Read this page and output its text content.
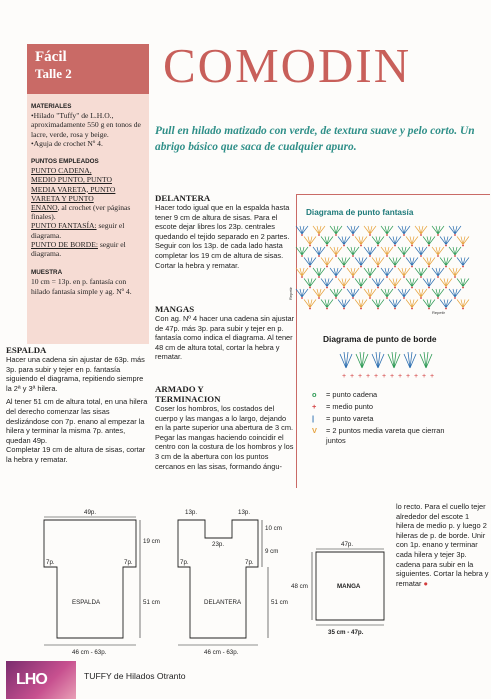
Fácil
Talle 2
MATERIALES

•Hilado "Tuffy" de L.H.O., aproximadamente 550 g en tonos de lacre, verde, rosa y beige.

•Aguja de crochet Nº 4.

PUNTOS EMPLEADOS
PUNTO CADENA,
MEDIO PUNTO, PUNTO
MEDIA VARETA, PUNTO
VARETA Y PUNTO

ENANO, al crochet (ver páginas finales).

PUNTO FANTASÍA: seguir el diagrama.

PUNTO DE BORDE: seguir el diagrama.

MUESTRA

10 cm = 13p. en p. fantasía con hilado fantasía simple y ag. Nº 4.

COMODIN
Pull en hilado matizado con verde, de textura suave y pelo corto. Un abrigo básico que saca de cualquier apuro.
ESPALDA

Hacer una cadena sin ajustar de 63p. más 3p. para subir y tejer en p. fantasía siguiendo el diagrama, repitiendo siempre la 2ª y 3ª hilera.

Al tener 51 cm de altura total, en una hilera del derecho comenzar las sisas deslizándose con 7p. enano al empezar la hilera y terminar la misma 7p. antes, quedan 49p.

Completar 19 cm de altura de sisas, cortar la hebra y rematar.

DELANTERA

Hacer todo igual que en la espalda hasta tener 9 cm de altura de sisas. Para el escote dejar libres los 23p. centrales quedando el tejido separado en 2 partes. Seguir con los 13p. de cada lado hasta completar los 19 cm de altura de sisas. Cortar la hebra y rematar.

MANGAS

Con ag. Nº 4 hacer una cadena sin ajustar de 47p. más 3p. para subir y tejer en p. fantasía como indica el diagrama. Al tener 48 cm de altura total, cortar la hebra y rematar.

ARMADO Y
TERMINACION

Coser los hombros, los costados del cuerpo y las mangas a lo largo, dejando en la parte superior una abertura de 3 cm.

Pegar las mangas haciendo coincidir el centro con la costura de los hombros y los 3 cm de la abertura con los puntos cercanos en las sisas, formando ángu-

lo recto. Para el cuello tejer alrededor del escote 1 hilera de medio p. y luego 2 hileras de p. de borde. Unir con 1p. enano y terminar cada hilera y tejer 3p. cadena para subir en la siguientes. Cortar la hebra y rematar ●

Diagrama de punto fantasía
Repetir
Repetir
Diagrama de punto de borde
+ + + + + + + + + + + +
o	= punto cadena
+	= medio punto
|	= punto vareta
V	= 2 puntos media vareta que cierran juntos
49p.
19 cm
7p.	7p.
ESPALDA	51 cm
46 cm - 63p.
13p.	13p.
10 cm
23p.
9 cm
7p.	7p.
DELANTERA	51 cm
46 cm - 63p.
47p.
48 cm	MANGA
35 cm - 47p.
LHO	TUFFY de Hilados Otranto
